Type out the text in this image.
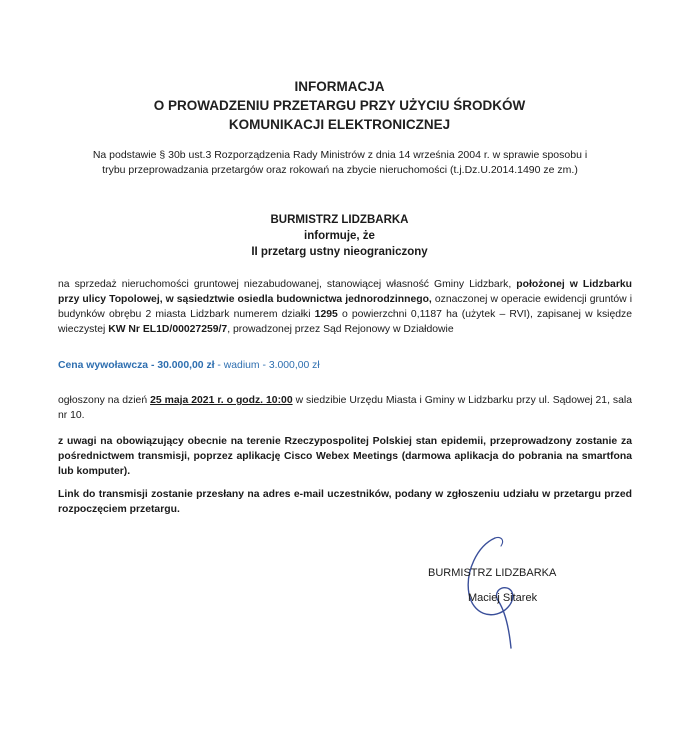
INFORMACJA
O PROWADZENIU PRZETARGU PRZY UŻYCIU ŚRODKÓW
KOMUNIKACJI ELEKTRONICZNEJ
Na podstawie § 30b ust.3 Rozporządzenia Rady Ministrów z dnia 14 września 2004 r. w sprawie sposobu i trybu przeprowadzania przetargów oraz rokowań na zbycie nieruchomości (t.j.Dz.U.2014.1490 ze zm.)
BURMISTRZ LIDZBARKA
informuje, że
II przetarg ustny nieograniczony
na sprzedaż nieruchomości gruntowej niezabudowanej, stanowiącej własność Gminy Lidzbark, położonej w Lidzbarku przy ulicy Topolowej, w sąsiedztwie osiedla budownictwa jednorodzinnego, oznaczonej w operacie ewidencji gruntów i budynków obrębu 2 miasta Lidzbark numerem działki 1295 o powierzchni 0,1187 ha (użytek – RVI), zapisanej w księdze wieczystej KW Nr EL1D/00027259/7, prowadzonej przez Sąd Rejonowy w Działdowie
Cena wywoławcza - 30.000,00 zł - wadium - 3.000,00 zł
ogłoszony na dzień 25 maja 2021 r. o godz. 10:00 w siedzibie Urzędu Miasta i Gminy w Lidzbarku przy ul. Sądowej 21, sala nr 10.
z uwagi na obowiązujący obecnie na terenie Rzeczypospolitej Polskiej stan epidemii, przeprowadzony zostanie za pośrednictwem transmisji, poprzez aplikację Cisco Webex Meetings (darmowa aplikacja do pobrania na smartfona lub komputer).
Link do transmisji zostanie przesłany na adres e-mail uczestników, podany w zgłoszeniu udziału w przetargu przed rozpoczęciem przetargu.
BURMISTRZ LIDZBARKA
Maciej Sitarek
